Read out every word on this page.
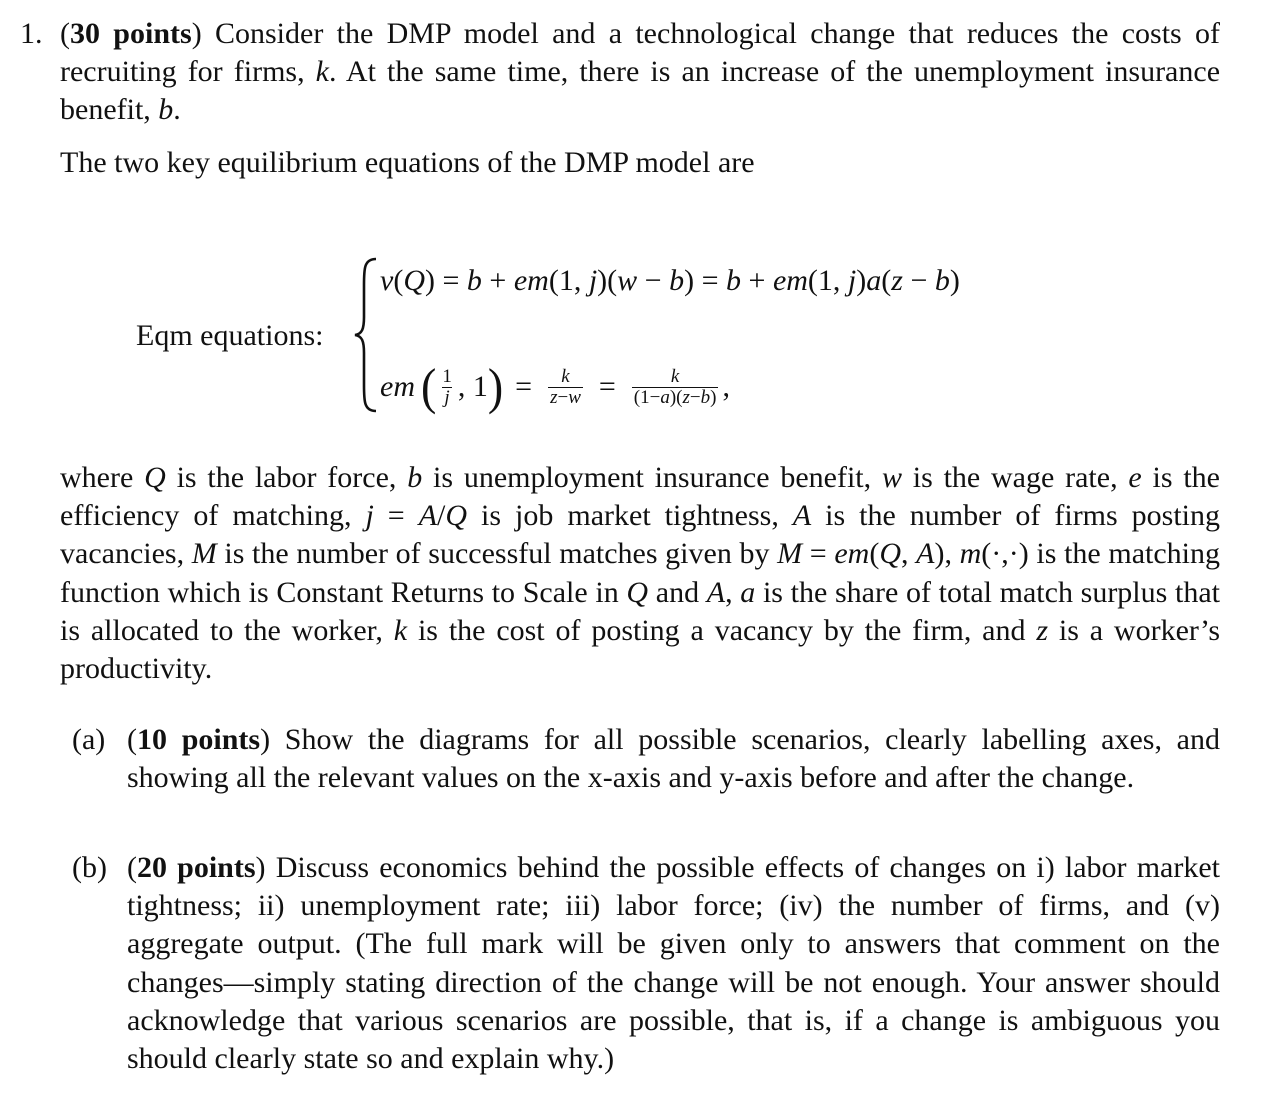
1. (30 points) Consider the DMP model and a technological change that reduces the costs of recruiting for firms, k. At the same time, there is an increase of the unemployment insurance benefit, b.

The two key equilibrium equations of the DMP model are

Eqm equations:
v(Q) = b + em(1, j)(w − b) = b + em(1, j)a(z − b)
em ( $\frac{1}{j}$ , 1 ) = $\frac{k}{z-w} = \frac{k}{(1-a)(z-b)}$ ,

where Q is the labor force, b is unemployment insurance benefit, w is the wage rate, e is the efficiency of matching, j = A/Q is job market tightness, A is the number of firms posting vacancies, M is the number of successful matches given by M = em(Q, A), m(·,·) is the matching function which is Constant Returns to Scale in Q and A, a is the share of total match surplus that is allocated to the worker, k is the cost of posting a vacancy by the firm, and z is a worker’s productivity.

(a) (10 points) Show the diagrams for all possible scenarios, clearly labelling axes, and showing all the relevant values on the x-axis and y-axis before and after the change.

(b) (20 points) Discuss economics behind the possible effects of changes on i) labor market tightness; ii) unemployment rate; iii) labor force; (iv) the number of firms, and (v) aggregate output. (The full mark will be given only to answers that comment on the changes—simply stating direction of the change will be not enough. Your answer should acknowledge that various scenarios are possible, that is, if a change is ambiguous you should clearly state so and explain why.)
